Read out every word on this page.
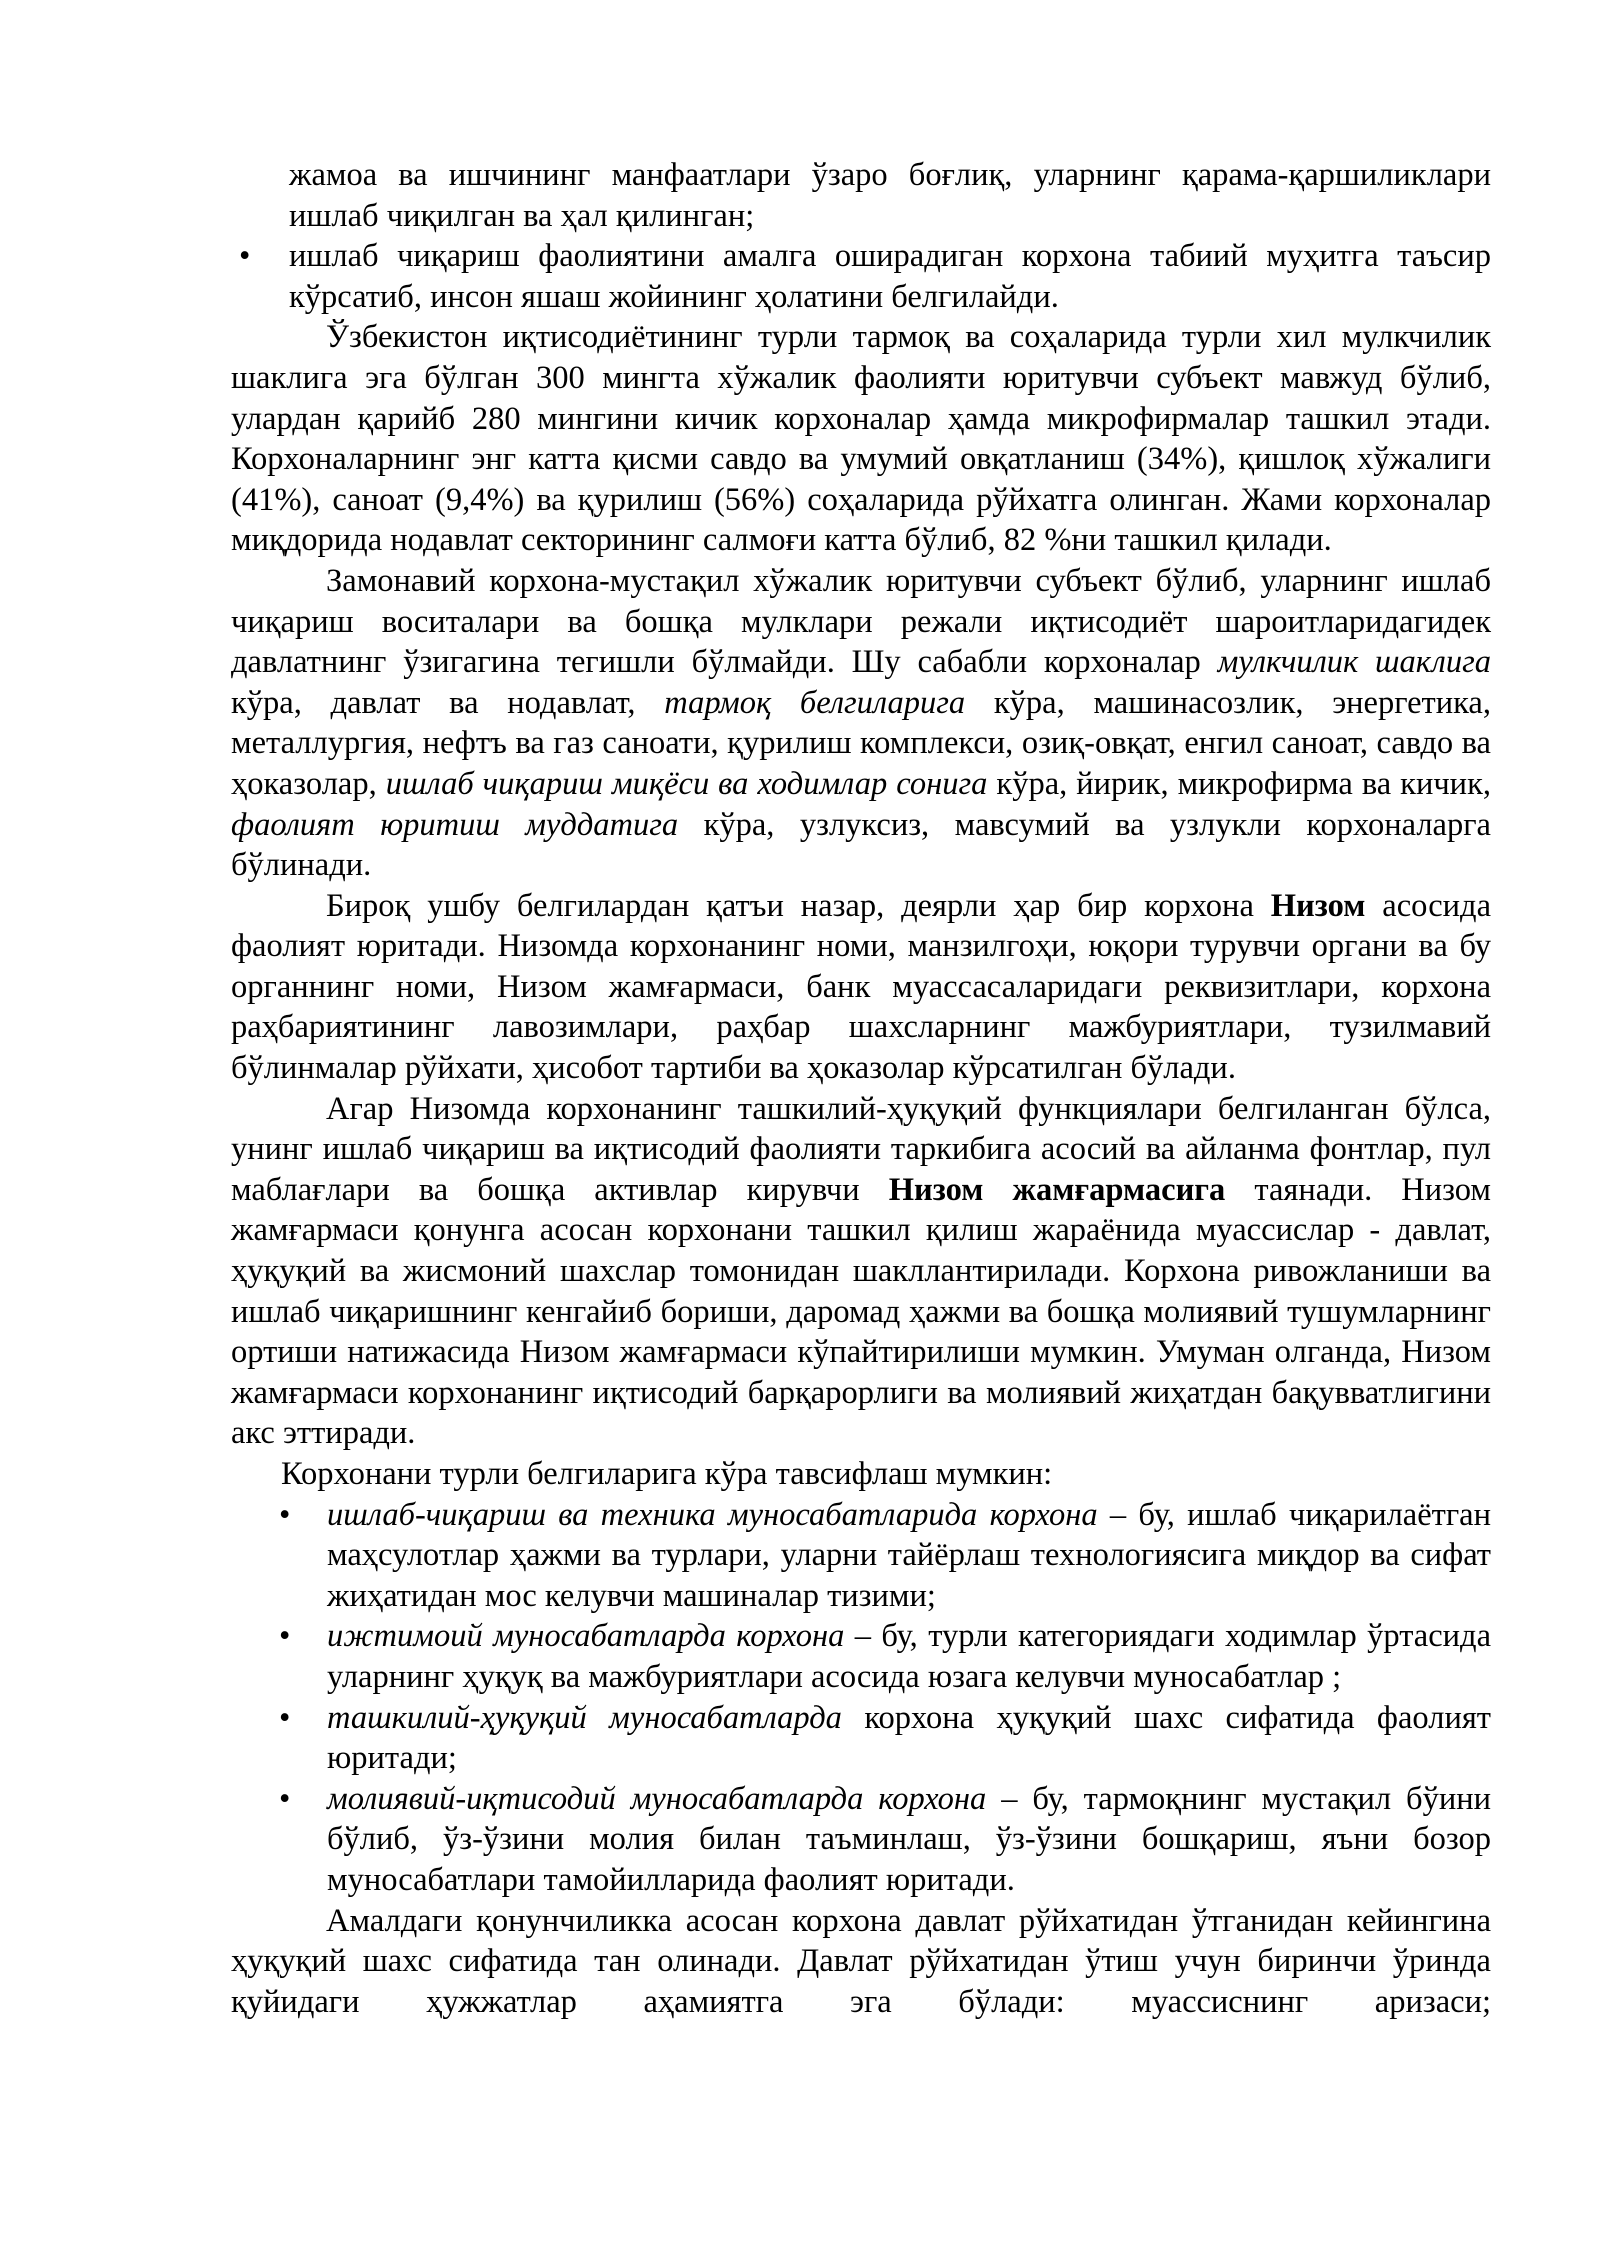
жамоа ва ишчининг манфаатлари ўзаро боғлиқ, уларнинг қарама-қаршиликлари ишлаб чиқилган ва ҳал қилинган;
• ишлаб чиқариш фаолиятини амалга оширадиган корхона табиий муҳитга таъсир кўрсатиб, инсон яшаш жойининг ҳолатини белгилайди.

Ўзбекистон иқтисодиётининг турли тармоқ ва соҳаларида турли хил мулкчилик шаклига эга бўлган 300 мингта хўжалик фаолияти юритувчи субъект мавжуд бўлиб, улардан қарийб 280 мингини кичик корхоналар ҳамда микрофирмалар ташкил этади. Корхоналарнинг энг катта қисми савдо ва умумий овқатланиш (34%), қишлоқ хўжалиги (41%), саноат (9,4%) ва қурилиш (56%) соҳаларида рўйхатга олинган. Жами корхоналар миқдорида нодавлат секторининг салмоғи катта бўлиб, 82 %ни ташкил қилади.

Замонавий корхона-мустақил хўжалик юритувчи субъект бўлиб, уларнинг ишлаб чиқариш воситалари ва бошқа мулклари режали иқтисодиёт шароитларидагидек давлатнинг ўзигагина тегишли бўлмайди. Шу сабабли корхоналар мулкчилик шаклига кўра, давлат ва нодавлат, тармоқ белгиларига кўра, машинасозлик, энергетика, металлургия, нефтъ ва газ саноати, қурилиш комплекси, озиқ-овқат, енгил саноат, савдо ва ҳоказолар, ишлаб чиқариш миқёси ва ходимлар сонига кўра, йирик, микрофирма ва кичик, фаолият юритиш муддатига кўра, узлуксиз, мавсумий ва узлукли корхоналарга бўлинади.

Бироқ ушбу белгилардан қатъи назар, деярли ҳар бир корхона Низом асосида фаолият юритади. Низомда корхонанинг номи, манзилгоҳи, юқори турувчи органи ва бу органнинг номи, Низом жамғармаси, банк муассасаларидаги реквизитлари, корхона раҳбариятининг лавозимлари, раҳбар шахсларнинг мажбуриятлари, тузилмавий бўлинмалар рўйхати, ҳисобот тартиби ва ҳоказолар кўрсатилган бўлади.

Агар Низомда корхонанинг ташкилий-ҳуқуқий функциялари белгиланган бўлса, унинг ишлаб чиқариш ва иқтисодий фаолияти таркибига асосий ва айланма фонтлар, пул маблағлари ва бошқа активлар кирувчи Низом жамғармасига таянади. Низом жамғармаси қонунга асосан корхонани ташкил қилиш жараёнида муассислар - давлат, ҳуқуқий ва жисмоний шахслар томонидан шакллантирилади. Корхона ривожланиши ва ишлаб чиқаришнинг кенгайиб бориши, даромад ҳажми ва бошқа молиявий тушумларнинг ортиши натижасида Низом жамғармаси кўпайтирилиши мумкин. Умуман олганда, Низом жамғармаси корхонанинг иқтисодий барқарорлиги ва молиявий жиҳатдан бақувватлигини акс эттиради.

Корхонани турли белгиларига кўра тавсифлаш мумкин:

• ишлаб-чиқариш ва техника муносабатларида корхона – бу, ишлаб чиқарилаётган маҳсулотлар ҳажми ва турлари, уларни тайёрлаш технологиясига миқдор ва сифат жиҳатидан мос келувчи машиналар тизими;
• ижтимоий муносабатларда корхона – бу, турли категориядаги ходимлар ўртасида уларнинг ҳуқуқ ва мажбуриятлари асосида юзага келувчи муносабатлар ;
• ташкилий-ҳуқуқий муносабатларда корхона ҳуқуқий шахс сифатида фаолият юритади;
• молиявий-иқтисодий муносабатларда корхона – бу, тармоқнинг мустақил бўини бўлиб, ўз-ўзини молия билан таъминлаш, ўз-ўзини бошқариш, яъни бозор муносабатлари тамойилларида фаолият юритади.

Амалдаги қонунчиликка асосан корхона давлат рўйхатидан ўтганидан кейингина ҳуқуқий шахс сифатида тан олинади. Давлат рўйхатидан ўтиш учун биринчи ўринда қуйидаги ҳужжатлар аҳамиятга эга бўлади: муассиснинг аризаси;
